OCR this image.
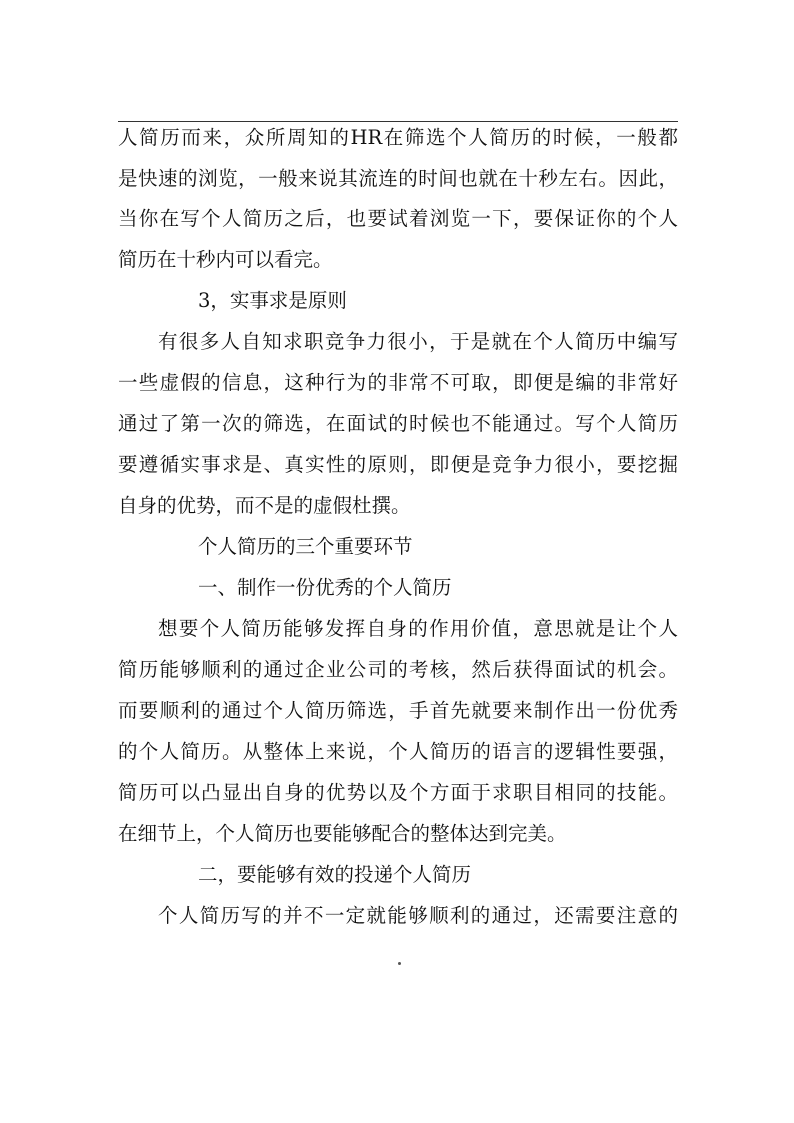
人简历而来，众所周知的HR在筛选个人简历的时候，一般都
是快速的浏览，一般来说其流连的时间也就在十秒左右。因此，
当你在写个人简历之后，也要试着浏览一下，要保证你的个人
简历在十秒内可以看完。
3，实事求是原则
有很多人自知求职竞争力很小，于是就在个人简历中编写
一些虚假的信息，这种行为的非常不可取，即便是编的非常好
通过了第一次的筛选，在面试的时候也不能通过。写个人简历
要遵循实事求是、真实性的原则，即便是竞争力很小，要挖掘
自身的优势，而不是的虚假杜撰。
个人简历的三个重要环节
一、制作一份优秀的个人简历
想要个人简历能够发挥自身的作用价值，意思就是让个人
简历能够顺利的通过企业公司的考核，然后获得面试的机会。
而要顺利的通过个人简历筛选，手首先就要来制作出一份优秀
的个人简历。从整体上来说，个人简历的语言的逻辑性要强，
简历可以凸显出自身的优势以及个方面于求职目相同的技能。
在细节上，个人简历也要能够配合的整体达到完美。
二，要能够有效的投递个人简历
个人简历写的并不一定就能够顺利的通过，还需要注意的
